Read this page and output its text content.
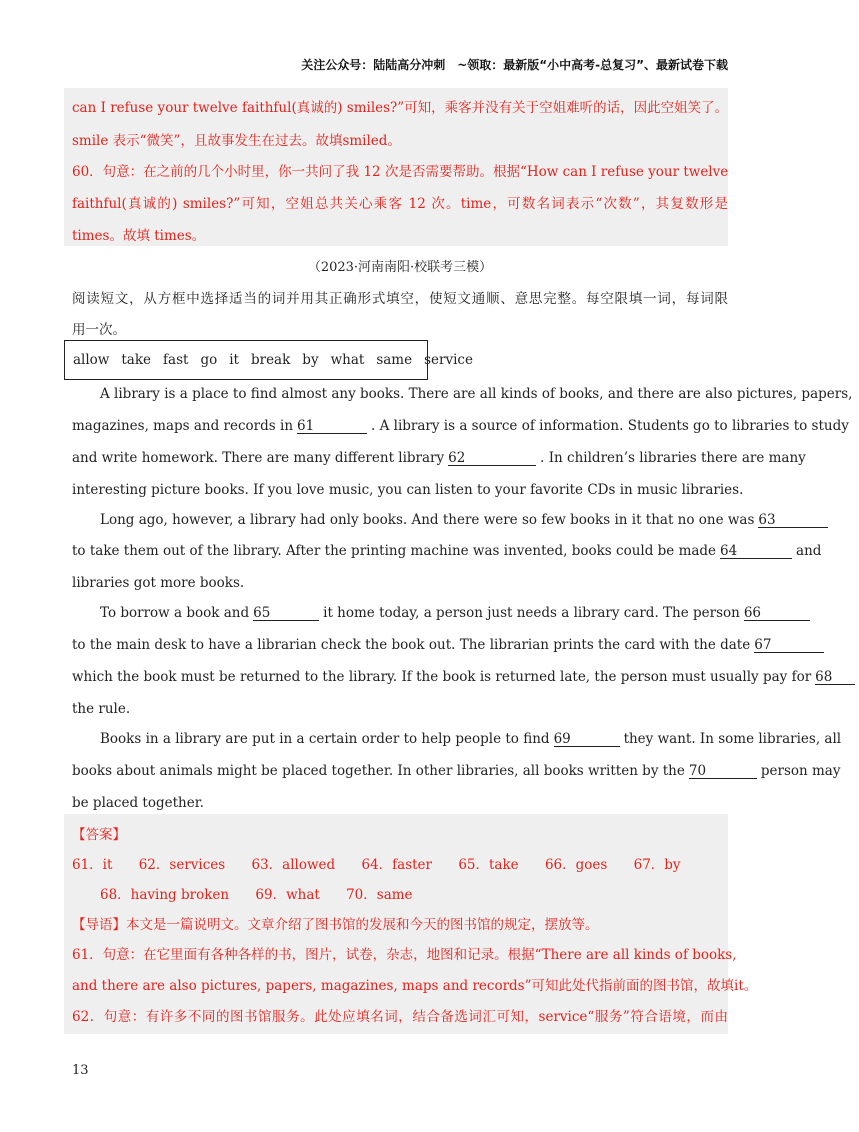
关注公众号：陆陆高分冲刺　~领取：最新版“小中高考-总复习”、最新试卷下载
can I refuse your twelve faithful(真诚的) smiles?”可知，乘客并没有关于空姐难听的话，因此空姐笑了。
smile 表示“微笑”，且故事发生在过去。故填smiled。
60．句意：在之前的几个小时里，你一共问了我 12 次是否需要帮助。根据“How can I refuse your twelve
faithful(真诚的) smiles?”可知，空姐总共关心乘客 12 次。time，可数名词表示“次数”，其复数形是
times。故填 times。
（2023·河南南阳·校联考三模）
阅读短文，从方框中选择适当的词并用其正确形式填空，使短文通顺、意思完整。每空限填一词，每词限
用一次。
allow take fast go it break by what same service
A library is a place to find almost any books. There are all kinds of books, and there are also pictures, papers,
magazines, maps and records in 61	. A library is a source of information. Students go to libraries to study
and write homework. There are many different library 62	. In children’s libraries there are many
interesting picture books. If you love music, you can listen to your favorite CDs in music libraries.
Long ago, however, a library had only books. And there were so few books in it that no one was 63
to take them out of the library. After the printing machine was invented, books could be made 64	and
libraries got more books.
To borrow a book and 65	it home today, a person just needs a library card. The person 66
to the main desk to have a librarian check the book out. The librarian prints the card with the date 67
which the book must be returned to the library. If the book is returned late, the person must usually pay for 68
the rule.
Books in a library are put in a certain order to help people to find 69	they want. In some libraries, all
books about animals might be placed together. In other libraries, all books written by the 70	person may
be placed together.
【答案】
61．it 62．services 63．allowed 64．faster 65．take 66．goes 67．by
68．having broken 69．what 70．same
【导语】本文是一篇说明文。文章介绍了图书馆的发展和今天的图书馆的规定，摆放等。
61．句意：在它里面有各种各样的书，图片，试卷，杂志，地图和记录。根据“There are all kinds of books,
and there are also pictures, papers, magazines, maps and records”可知此处代指前面的图书馆，故填it。
62．句意：有许多不同的图书馆服务。此处应填名词，结合备选词汇可知，service“服务”符合语境，而由
13
